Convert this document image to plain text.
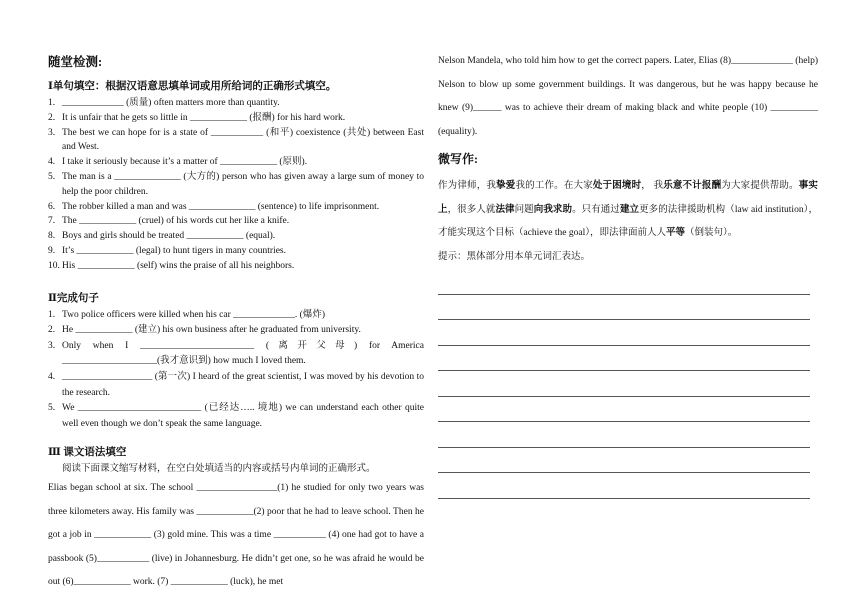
随堂检测:
Ⅰ单句填空：根据汉语意思填单词或用所给词的正确形式填空。
1. _____________ (质量) often matters more than quantity.
2. It is unfair that he gets so little in ____________ (报酬) for his hard work.
3. The best we can hope for is a state of ___________ (和平) coexistence (共处) between East and West.
4. I take it seriously because it’s a matter of ____________ (原则).
5. The man is a ______________ (大方的) person who has given away a large sum of money to help the poor children.
6. The robber killed a man and was ______________ (sentence) to life imprisonment.
7. The ____________ (cruel) of his words cut her like a knife.
8. Boys and girls should be treated ____________ (equal).
9. It’s ____________ (legal) to hunt tigers in many countries.
10. His ____________ (self) wins the praise of all his neighbors.
Ⅱ完成句子
1. Two police officers were killed when his car _____________. (爆炸)
2. He ____________ (建立) his own business after he graduated from university.
3. Only when I ________________________ (离开父母) for America ____________________(我才意识到) how much I loved them.
4. ___________________ (第一次) I heard of the great scientist, I was moved by his devotion to the research.
5. We __________________________ (已经达….. 境地) we can understand each other quite well even though we don’t speak the same language.
Ⅲ 课文语法填空

阅读下面课文缩写材料，在空白处填适当的内容或括号内单词的正确形式。

Elias began school at six. The school _________________(1) he studied for only two years was three kilometers away. His family was ____________(2) poor that he had to leave school. Then he got a job in ____________ (3) gold mine. This was a time ___________ (4) one had got to have a passbook (5)___________ (live) in Johannesburg. He didn’t get one, so he was afraid he would be out (6)____________ work. (7) ____________ (luck), he met

Nelson Mandela, who told him how to get the correct papers. Later, Elias (8)_____________ (help) Nelson to blow up some government buildings. It was dangerous, but he was happy because he knew (9)______ was to achieve their dream of making black and white people (10) __________ (equality).

微写作:

作为律师，我挚爱我的工作。在大家处于困境时， 我乐意不计报酬为大家提供帮助。事实上，很多人就法律问题向我求助。只有通过建立更多的法律援助机构（law aid institution），才能实现这个目标（achieve the goal），即法律面前人人平等（倒装句）。

提示：黑体部分用本单元词汇表达。
